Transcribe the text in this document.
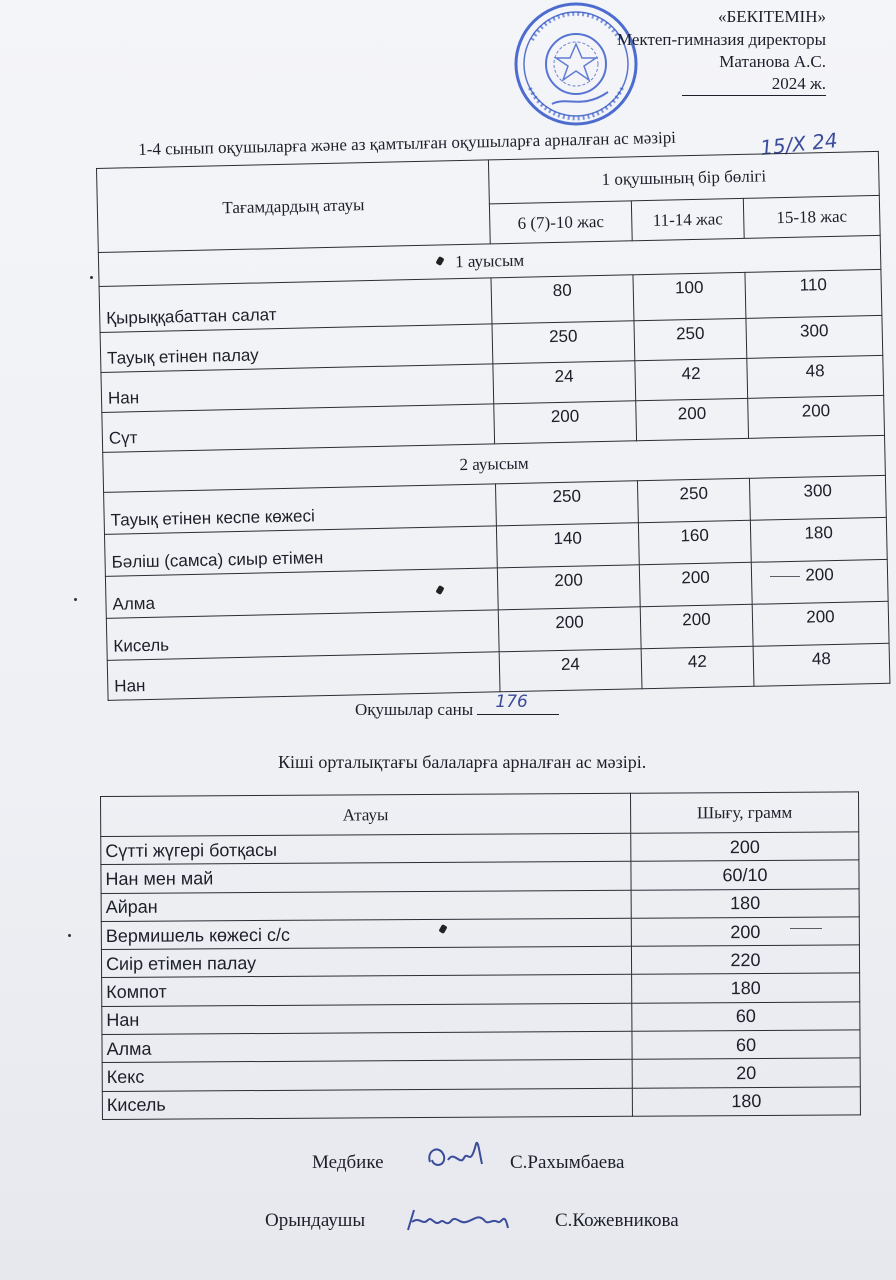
«БЕКІТЕМІН»
Мектеп-гимназия директоры
Матанова А.С.
2024 ж.
1-4 сынып оқушыларға және аз қамтылған оқушыларға арналған ас мәзірі	15/X 24
Тағамдардың атауы	1 оқушының бір бөлігі		
	6 (7)-10 жас	11-14 жас	15-18 жас
1 ауысым			
Қырыққабаттан салат	80	100	110
Тауық етінен палау	250	250	300
Нан	24	42	48
Сүт	200	200	200
2 ауысым			
Тауық етінен кеспе көжесі	250	250	300
Бәліш (самса) сиыр етімен	140	160	180
Алма	200	200	200
Кисель	200	200	200
Нан	24	42	48
Оқушылар саны 176
Кіші орталықтағы балаларға арналған ас мәзірі.
Атауы	Шығу, грамм
Сүтті жүгері ботқасы	200
Нан мен май	60/10
Айран	180
Вермишель көжесі с/с	200
Сиір етімен палау	220
Компот	180
Нан	60
Алма	60
Кекс	20
Кисель	180
Медбике	С.Рахымбаева
Орындаушы	С.Кожевникова
